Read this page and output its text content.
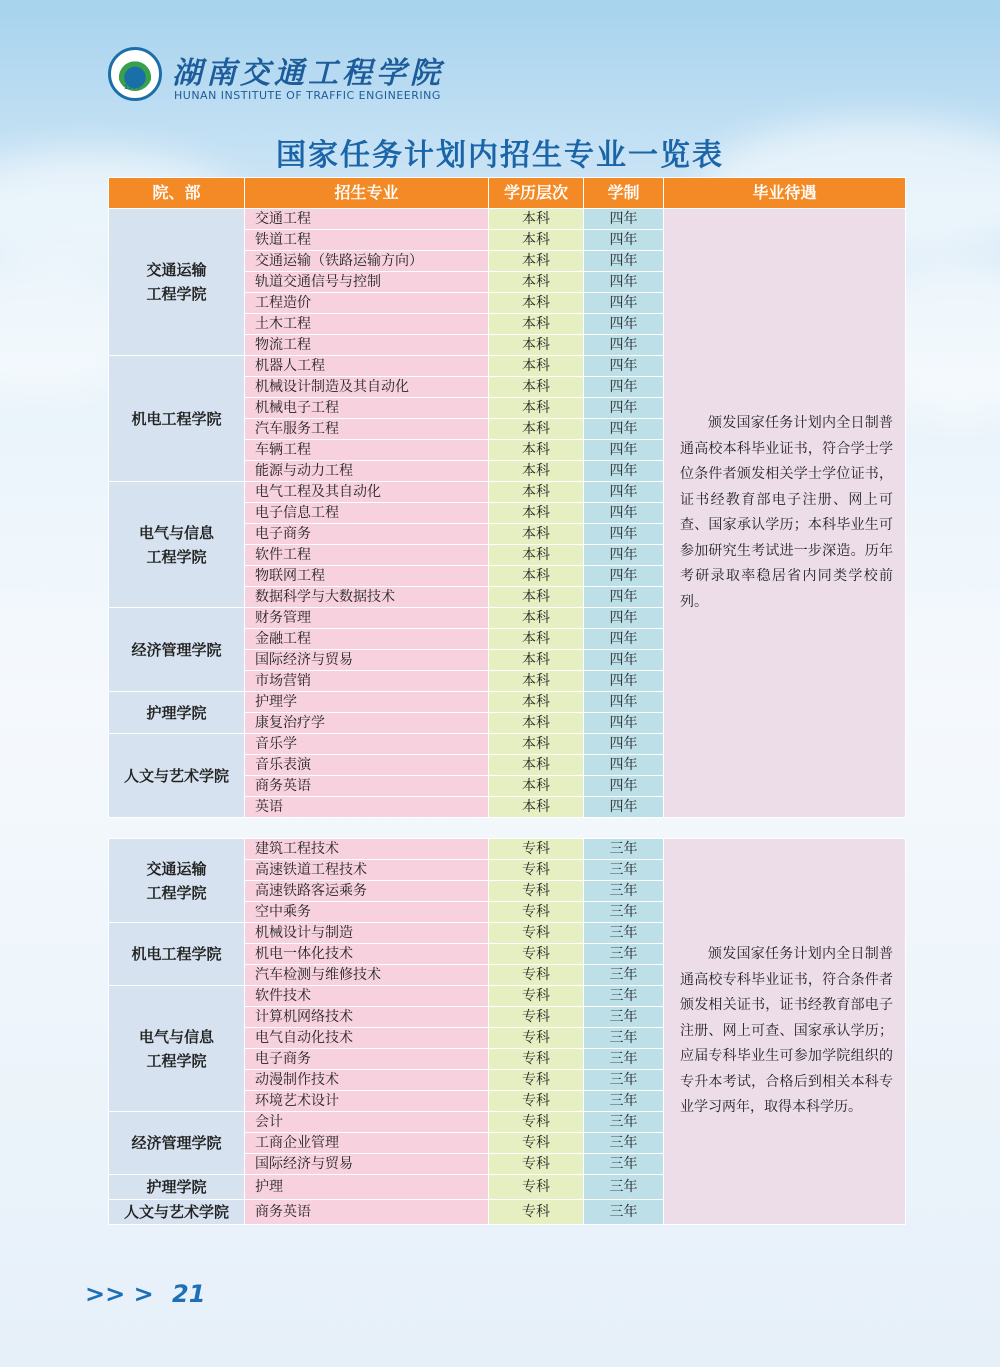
1997 湖南交通工程学院
HUNAN INSTITUTE OF TRAFFIC ENGINEERING
国家任务计划内招生专业一览表
院、部	招生专业	学历层次	学制	毕业待遇

交通运输
工程学院	交通工程	本科	四年	颁发国家任务计划内全日制普通高校本科毕业证书，符合学士学位条件者颁发相关学士学位证书，证书经教育部电子注册、网上可查、国家承认学历；本科毕业生可参加研究生考试进一步深造。历年考研录取率稳居省内同类学校前列。

	铁道工程	本科	四年	
	交通运输（铁路运输方向）	本科	四年	
	轨道交通信号与控制	本科	四年	
	工程造价	本科	四年	
	土木工程	本科	四年	
	物流工程	本科	四年	

机电工程学院	机器人工程	本科	四年	
	机械设计制造及其自动化	本科	四年	
	机械电子工程	本科	四年	
	汽车服务工程	本科	四年	
	车辆工程	本科	四年	
	能源与动力工程	本科	四年	

电气与信息
工程学院	电气工程及其自动化	本科	四年	
	电子信息工程	本科	四年	
	电子商务	本科	四年	
	软件工程	本科	四年	
	物联网工程	本科	四年	
	数据科学与大数据技术	本科	四年	

经济管理学院	财务管理	本科	四年	
	金融工程	本科	四年	
	国际经济与贸易	本科	四年	
	市场营销	本科	四年	

护理学院	护理学	本科	四年	
	康复治疗学	本科	四年	

人文与艺术学院	音乐学	本科	四年	
	音乐表演	本科	四年	
	商务英语	本科	四年	
	英语	本科	四年	
交通运输
工程学院	建筑工程技术	专科	三年	颁发国家任务计划内全日制普通高校专科毕业证书，符合条件者颁发相关证书，证书经教育部电子注册、网上可查、国家承认学历；应届专科毕业生可参加学院组织的专升本考试，合格后到相关本科专业学习两年，取得本科学历。

	高速铁道工程技术	专科	三年	
	高速铁路客运乘务	专科	三年	
	空中乘务	专科	三年	

机电工程学院	机械设计与制造	专科	三年	
	机电一体化技术	专科	三年	
	汽车检测与维修技术	专科	三年	

电气与信息
工程学院	软件技术	专科	三年	
	计算机网络技术	专科	三年	
	电气自动化技术	专科	三年	
	电子商务	专科	三年	
	动漫制作技术	专科	三年	
	环境艺术设计	专科	三年	

经济管理学院	会计	专科	三年	
	工商企业管理	专科	三年	
	国际经济与贸易	专科	三年	

护理学院	护理	专科	三年	

人文与艺术学院	商务英语	专科	三年	
>> > 21
